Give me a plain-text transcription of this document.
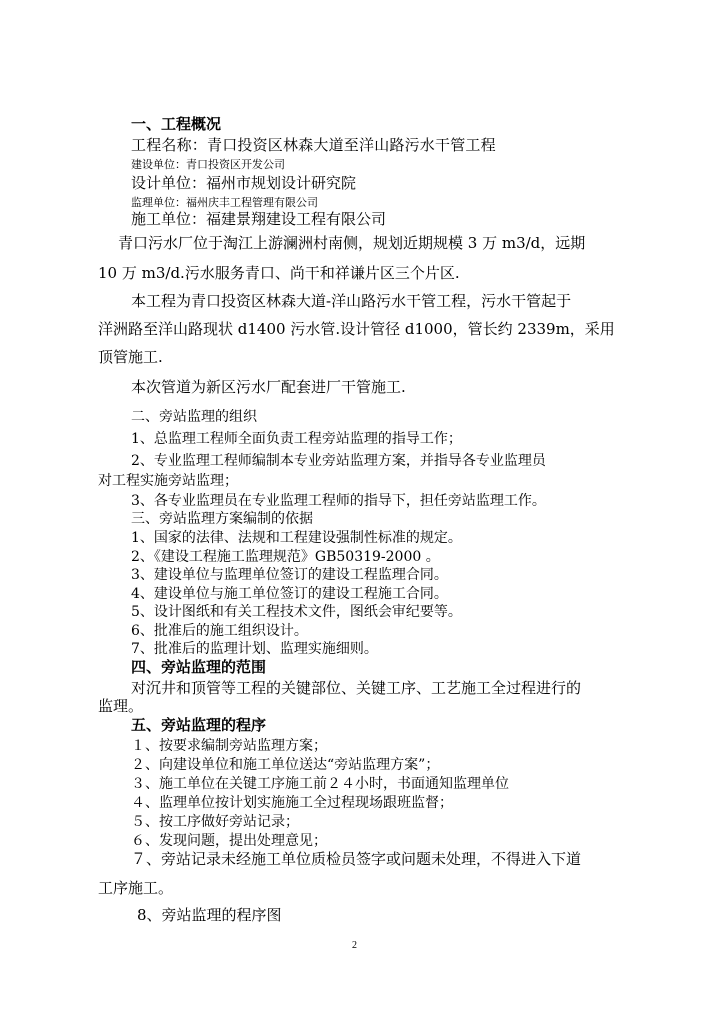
一、工程概况
工程名称：青口投资区林森大道至洋山路污水干管工程
建设单位：青口投资区开发公司
设计单位：福州市规划设计研究院
监理单位：福州庆丰工程管理有限公司
施工单位：福建景翔建设工程有限公司
青口污水厂位于淘江上游澜洲村南侧，规划近期规模 3 万 m3/d，远期
10 万 m3/d.污水服务青口、尚干和祥谦片区三个片区.
本工程为青口投资区林森大道-洋山路污水干管工程，污水干管起于
洋洲路至洋山路现状 d1400 污水管.设计管径 d1000，管长约 2339m，采用
顶管施工.
本次管道为新区污水厂配套进厂干管施工.
二、旁站监理的组织
1、总监理工程师全面负责工程旁站监理的指导工作；
2、专业监理工程师编制本专业旁站监理方案，并指导各专业监理员
对工程实施旁站监理；
3、各专业监理员在专业监理工程师的指导下，担任旁站监理工作。
三、旁站监理方案编制的依据
1、国家的法律、法规和工程建设强制性标准的规定。
2、《建设工程施工监理规范》GB50319-2000 。
3、建设单位与监理单位签订的建设工程监理合同。
4、建设单位与施工单位签订的建设工程施工合同。
5、设计图纸和有关工程技术文件，图纸会审纪要等。
6、批准后的施工组织设计。
7、批准后的监理计划、监理实施细则。
四、旁站监理的范围
对沉井和顶管等工程的关键部位、关键工序、工艺施工全过程进行的
监理。
五、旁站监理的程序
１、按要求编制旁站监理方案；
２、向建设单位和施工单位送达“旁站监理方案”；
３、施工单位在关键工序施工前２４小时，书面通知监理单位
４、监理单位按计划实施施工全过程现场跟班监督；
５、按工序做好旁站记录；
６、发现问题，提出处理意见；
７、旁站记录未经施工单位质检员签字或问题未处理，不得进入下道
工序施工。
8、旁站监理的程序图
2
